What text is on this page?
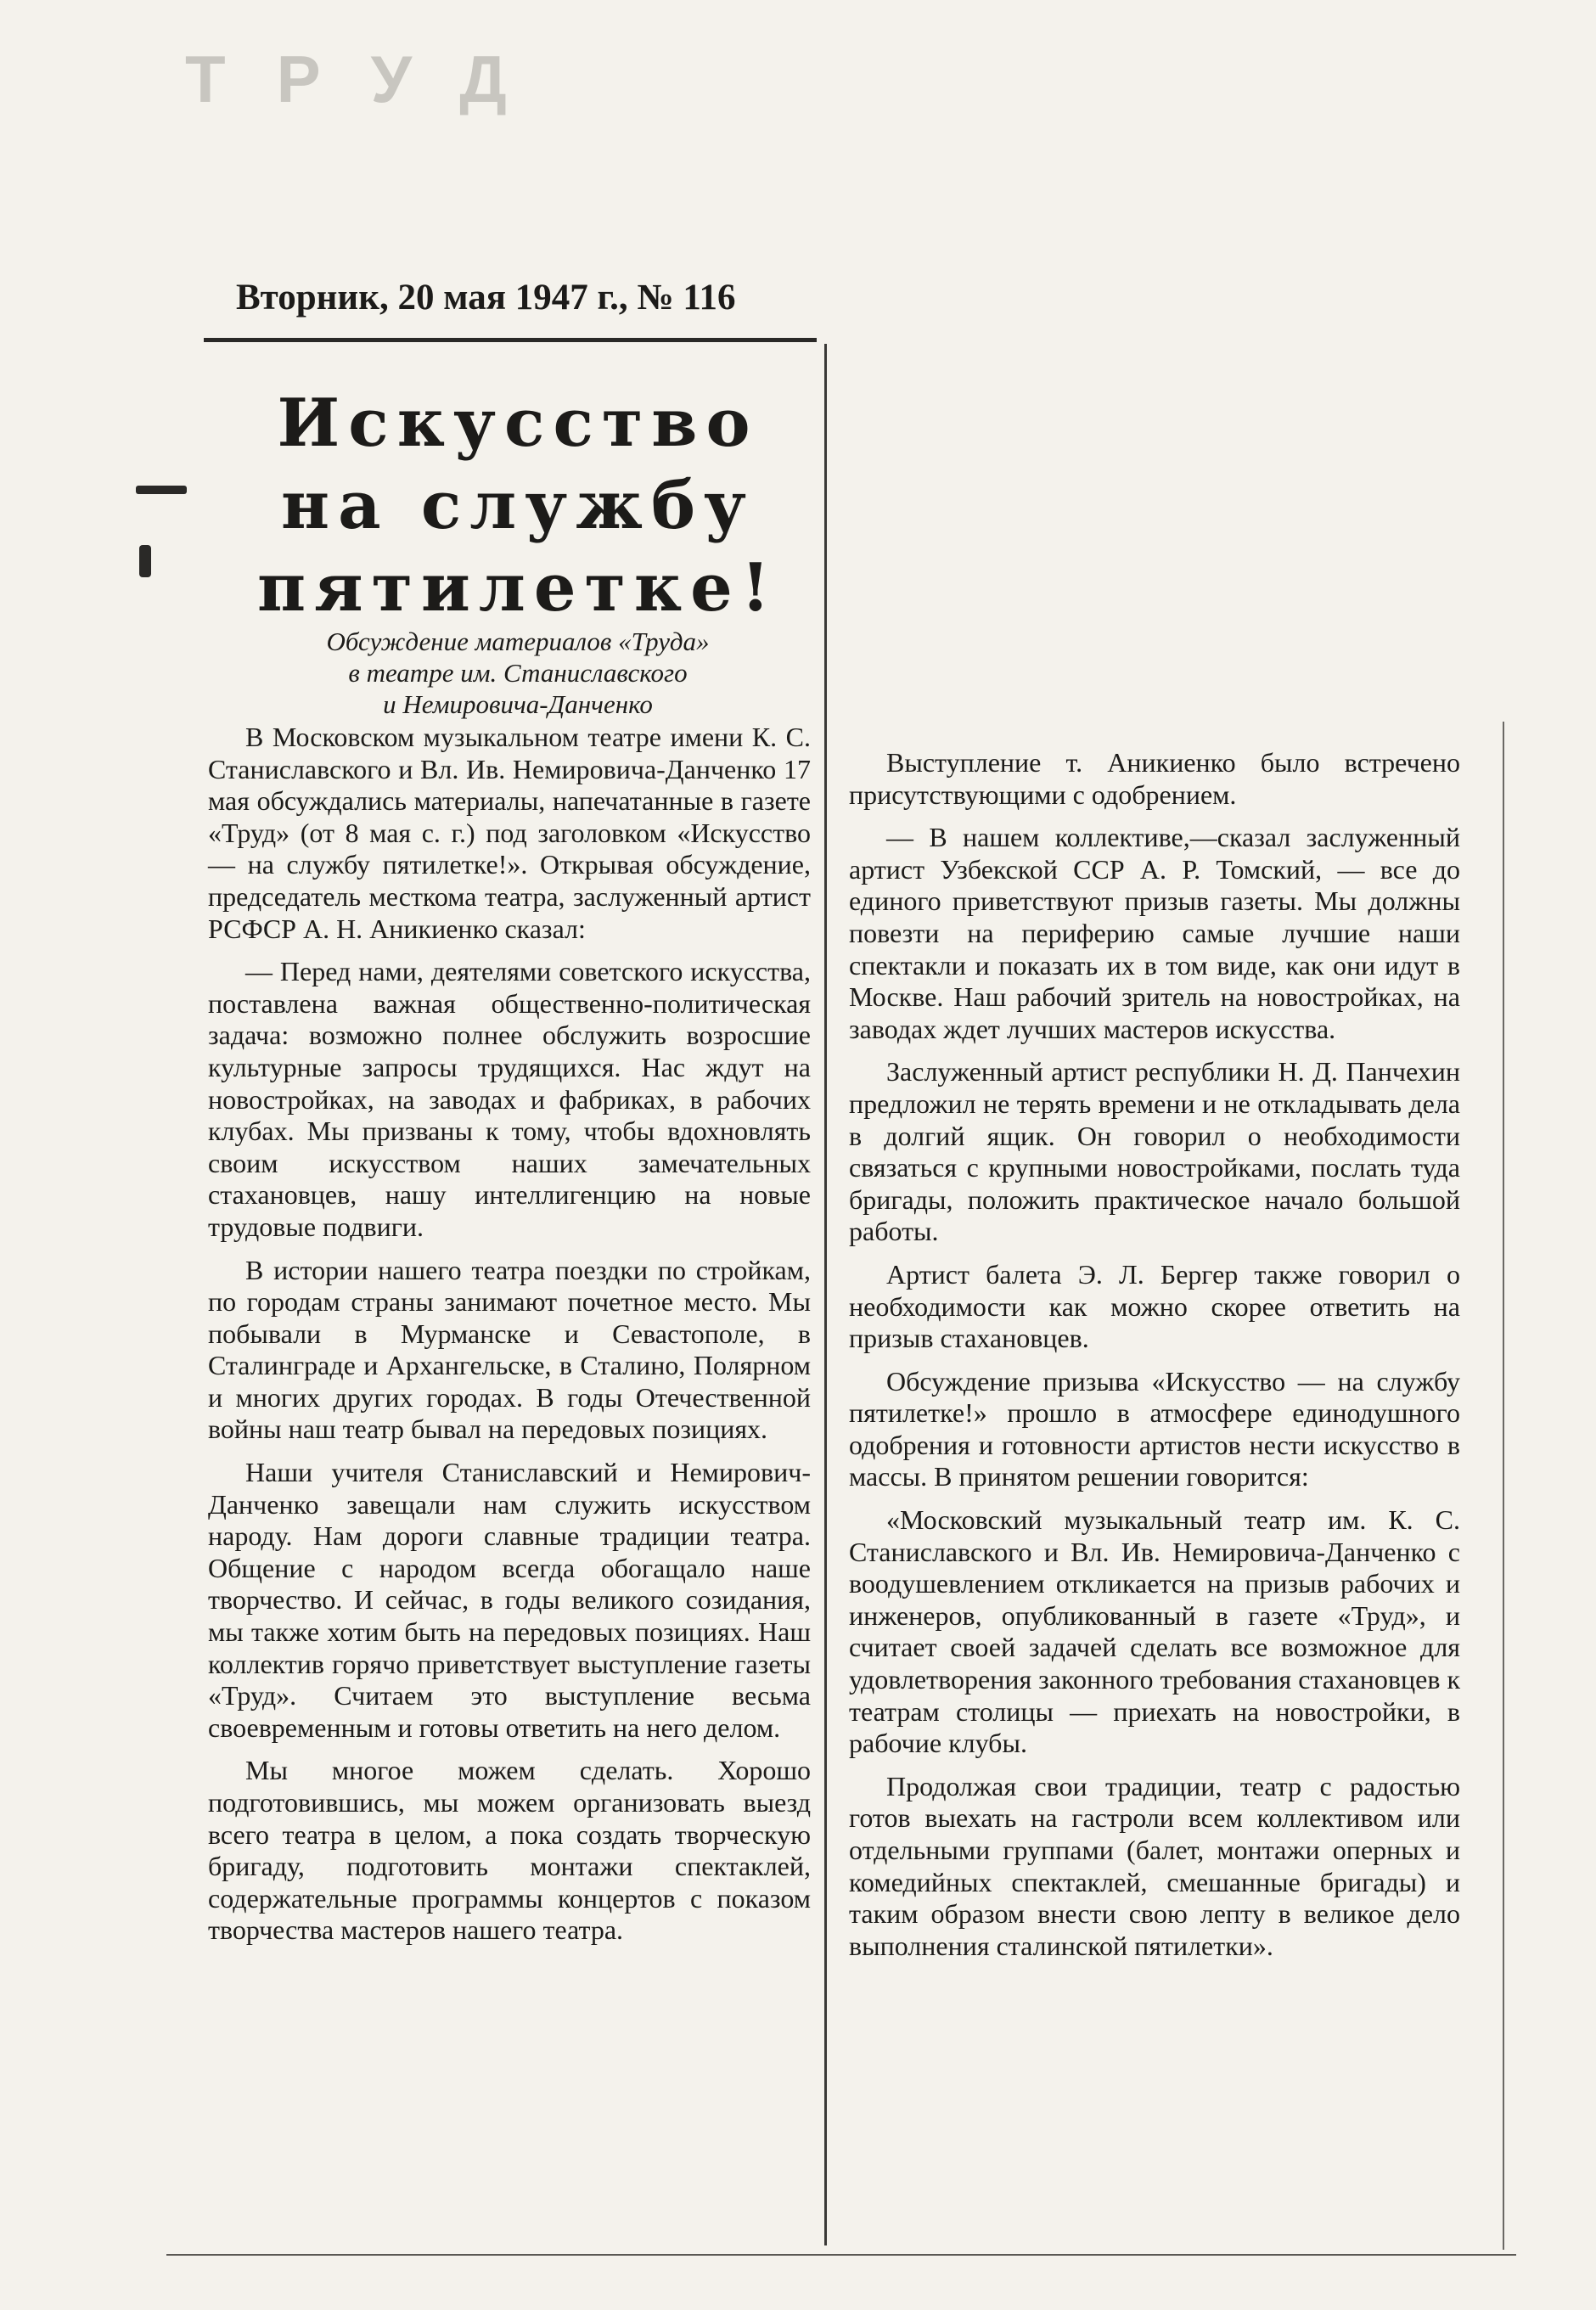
ТРУД
Вторник, 20 мая 1947 г., № 116
Искусство
на службу
пятилетке!
Обсуждение материалов «Труда»
в театре им. Станиславского
и Немировича-Данченко

В Московском музыкальном театре имени К. С. Станиславского и Вл. Ив. Немировича-Данченко 17 мая обсуждались материалы, напечатанные в газете «Труд» (от 8 мая с. г.) под заголовком «Искусство — на службу пятилетке!». Открывая обсуждение, председатель месткома театра, заслуженный артист РСФСР А. Н. Аникиенко сказал:

— Перед нами, деятелями советского искусства, поставлена важная общественно-политическая задача: возможно полнее обслужить возросшие культурные запросы трудящихся. Нас ждут на новостройках, на заводах и фабриках, в рабочих клубах. Мы призваны к тому, чтобы вдохновлять своим искусством наших замечательных стахановцев, нашу интеллигенцию на новые трудовые подвиги.

В истории нашего театра поездки по стройкам, по городам страны занимают почетное место. Мы побывали в Мурманске и Севастополе, в Сталинграде и Архангельске, в Сталино, Полярном и многих других городах. В годы Отечественной войны наш театр бывал на передовых позициях.

Наши учителя Станиславский и Немирович-Данченко завещали нам служить искусством народу. Нам дороги славные традиции театра. Общение с народом всегда обогащало наше творчество. И сейчас, в годы великого созидания, мы также хотим быть на передовых позициях. Наш коллектив горячо приветствует выступление газеты «Труд». Считаем это выступление весьма своевременным и готовы ответить на него делом.

Мы многое можем сделать. Хорошо подготовившись, мы можем организовать выезд всего театра в целом, а пока создать творческую бригаду, подготовить монтажи спектаклей, содержательные программы концертов с показом творчества мастеров нашего театра.

Выступление т. Аникиенко было встречено присутствующими с одобрением.

— В нашем коллективе,—сказал заслуженный артист Узбекской ССР А. Р. Томский, — все до единого приветствуют призыв газеты. Мы должны повезти на периферию самые лучшие наши спектакли и показать их в том виде, как они идут в Москве. Наш рабочий зритель на новостройках, на заводах ждет лучших мастеров искусства.

Заслуженный артист республики Н. Д. Панчехин предложил не терять времени и не откладывать дела в долгий ящик. Он говорил о необходимости связаться с крупными новостройками, послать туда бригады, положить практическое начало большой работы.

Артист балета Э. Л. Бергер также говорил о необходимости как можно скорее ответить на призыв стахановцев.

Обсуждение призыва «Искусство — на службу пятилетке!» прошло в атмосфере единодушного одобрения и готовности артистов нести искусство в массы. В принятом решении говорится:

«Московский музыкальный театр им. К. С. Станиславского и Вл. Ив. Немировича-Данченко с воодушевлением откликается на призыв рабочих и инженеров, опубликованный в газете «Труд», и считает своей задачей сделать все возможное для удовлетворения законного требования стахановцев к театрам столицы — приехать на новостройки, в рабочие клубы.

Продолжая свои традиции, театр с радостью готов выехать на гастроли всем коллективом или отдельными группами (балет, монтажи оперных и комедийных спектаклей, смешанные бригады) и таким образом внести свою лепту в великое дело выполнения сталинской пятилетки».
